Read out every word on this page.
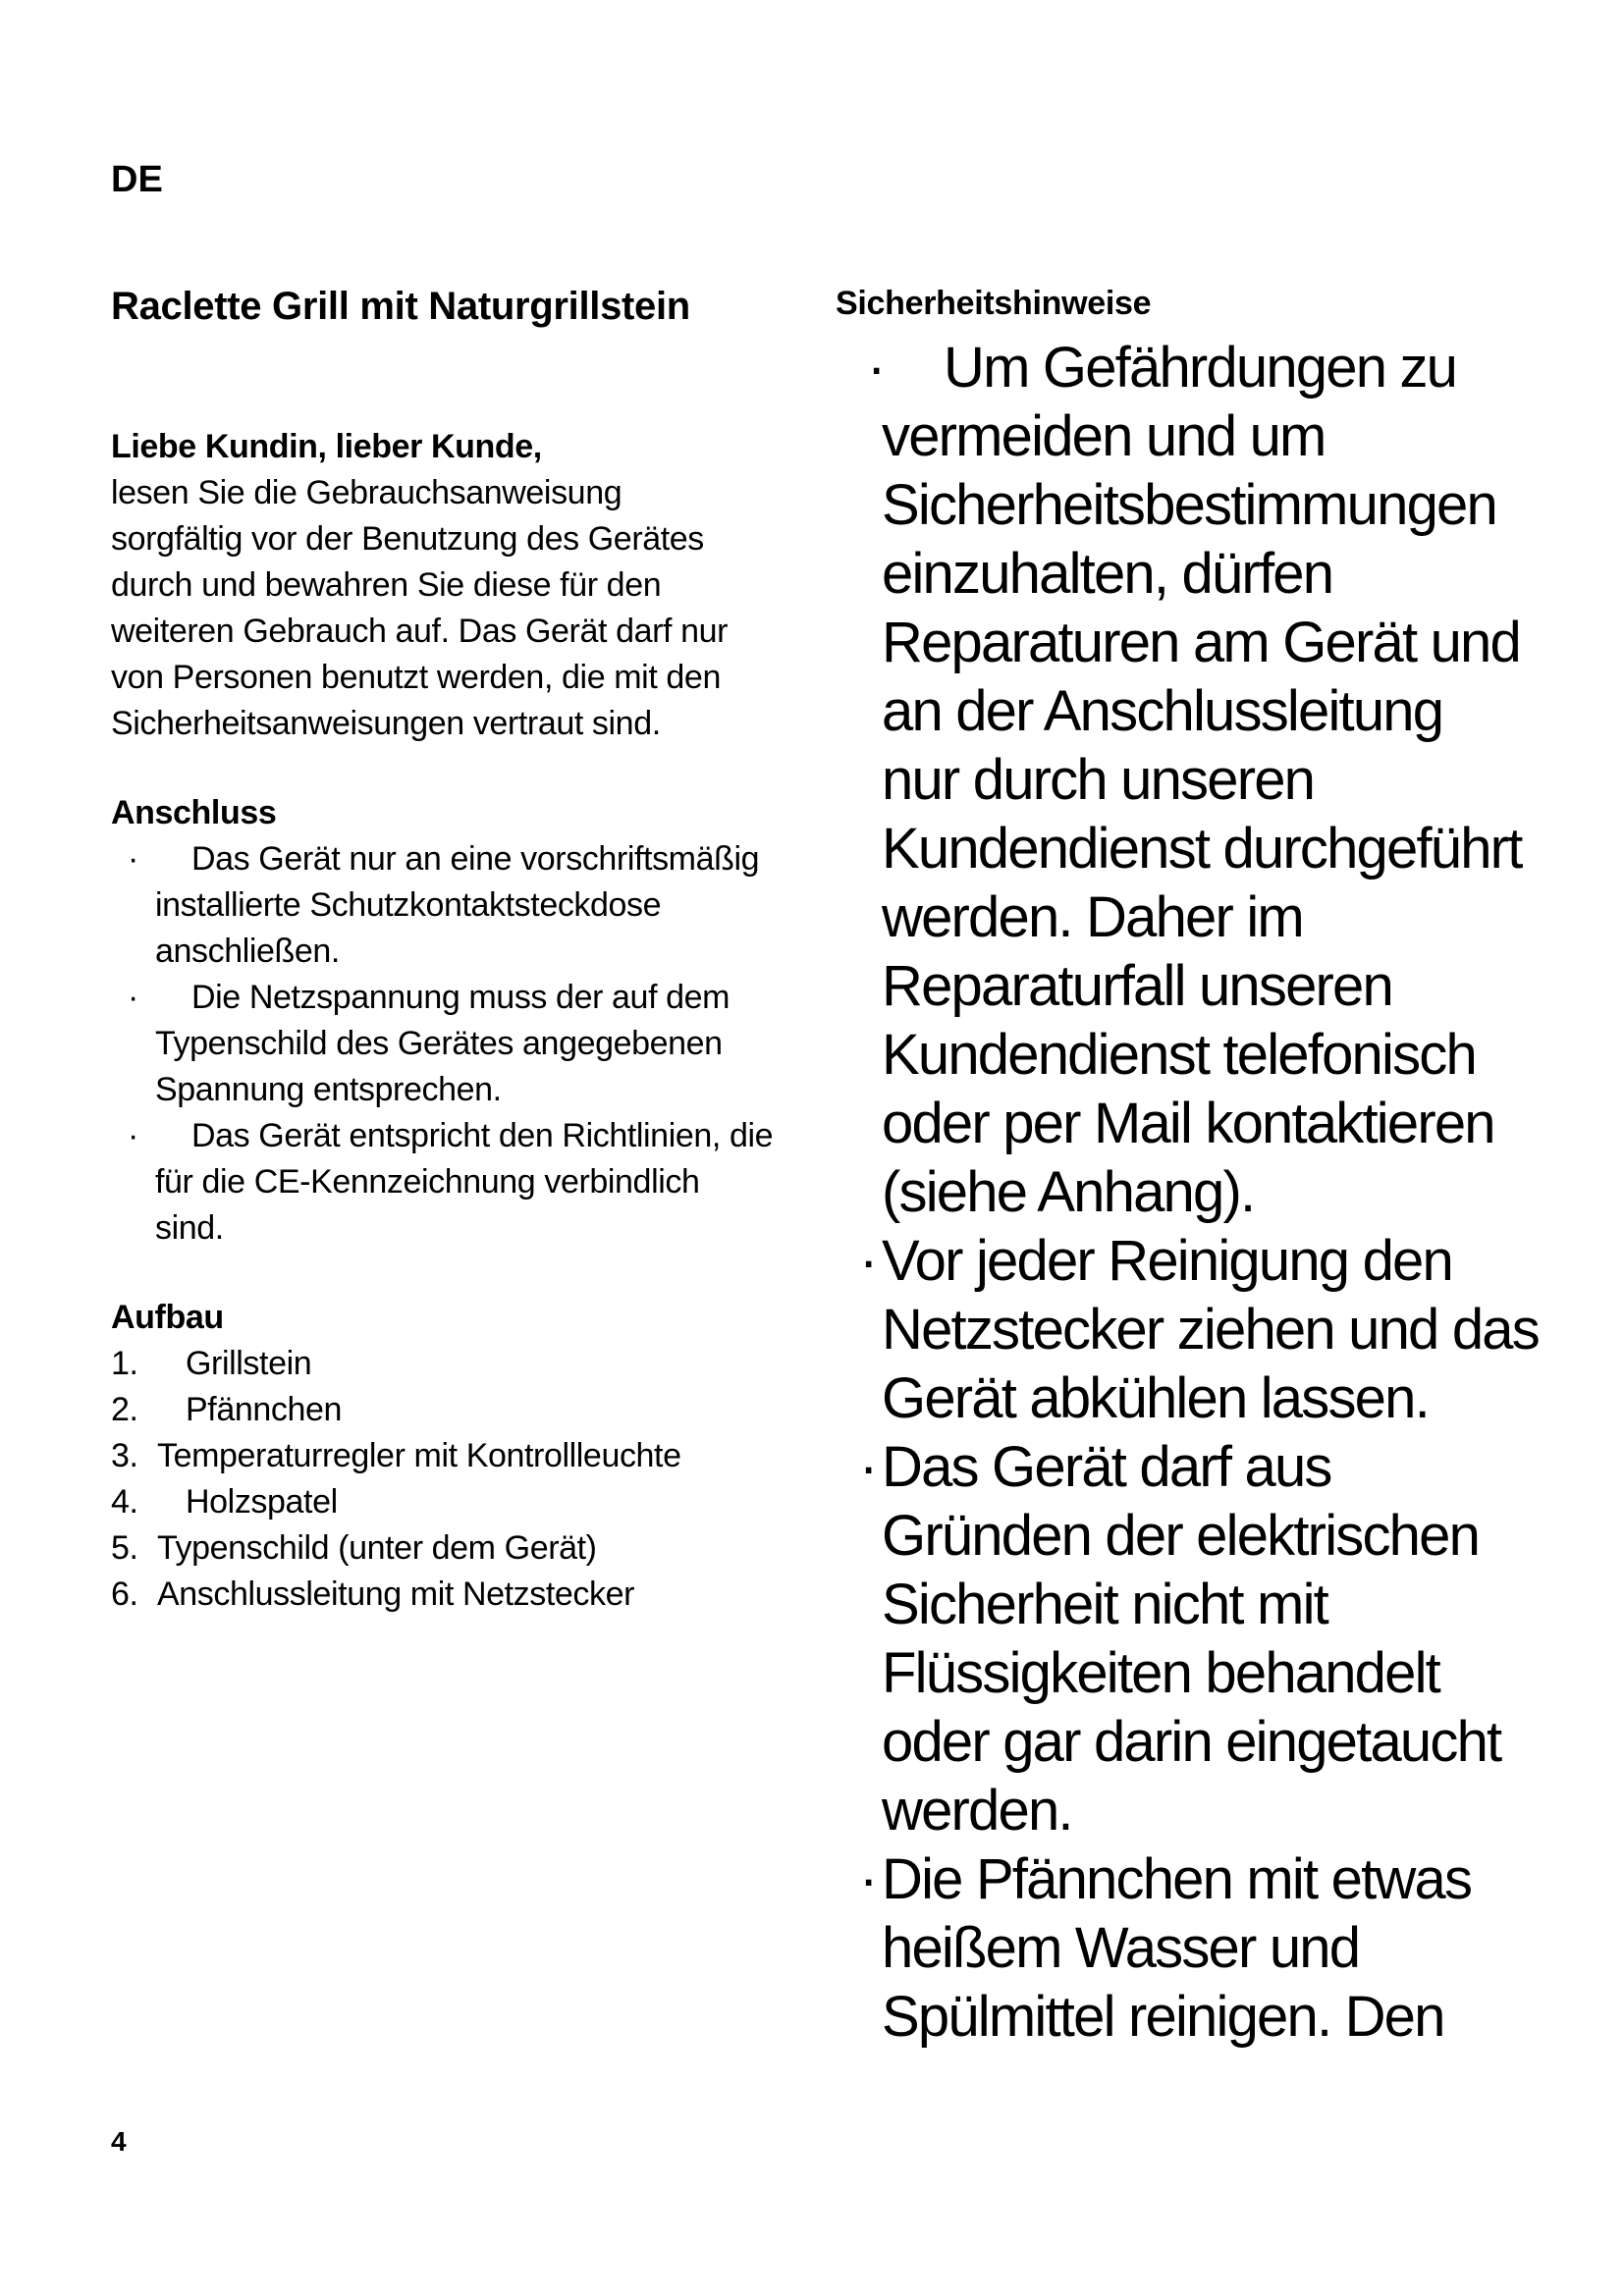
DE
Raclette Grill mit Naturgrillstein
Liebe Kundin, lieber Kunde,
lesen Sie die Gebrauchsanweisung
sorgfältig vor der Benutzung des Gerätes
durch und bewahren Sie diese für den
weiteren Gebrauch auf. Das Gerät darf nur
von Personen benutzt werden, die mit den
Sicherheitsanweisungen vertraut sind.
Anschluss
·	Das Gerät nur an eine vorschriftsmäßig
installierte Schutzkontaktsteckdose
anschließen.
·	Die Netzspannung muss der auf dem
Typenschild des Gerätes angegebenen
Spannung entsprechen.
·	Das Gerät entspricht den Richtlinien, die
für die CE-Kennzeichnung verbindlich
sind.
Aufbau
1. Grillstein
2. Pfännchen
3. Temperaturregler mit Kontrollleuchte
4. Holzspatel
5. Typenschild (unter dem Gerät)
6. Anschlussleitung mit Netzstecker
Sicherheitshinweise
·	Um Gefährdungen zu
vermeiden und um
Sicherheitsbestimmungen
einzuhalten, dürfen
Reparaturen am Gerät und
an der Anschlussleitung
nur durch unseren
Kundendienst durchgeführt
werden. Daher im
Reparaturfall unseren
Kundendienst telefonisch
oder per Mail kontaktieren
(siehe Anhang).
· Vor jeder Reinigung den
Netzstecker ziehen und das
Gerät abkühlen lassen.
· Das Gerät darf aus
Gründen der elektrischen
Sicherheit nicht mit
Flüssigkeiten behandelt
oder gar darin eingetaucht
werden.
· Die Pfännchen mit etwas
heißem Wasser und
Spülmittel reinigen. Den
4
